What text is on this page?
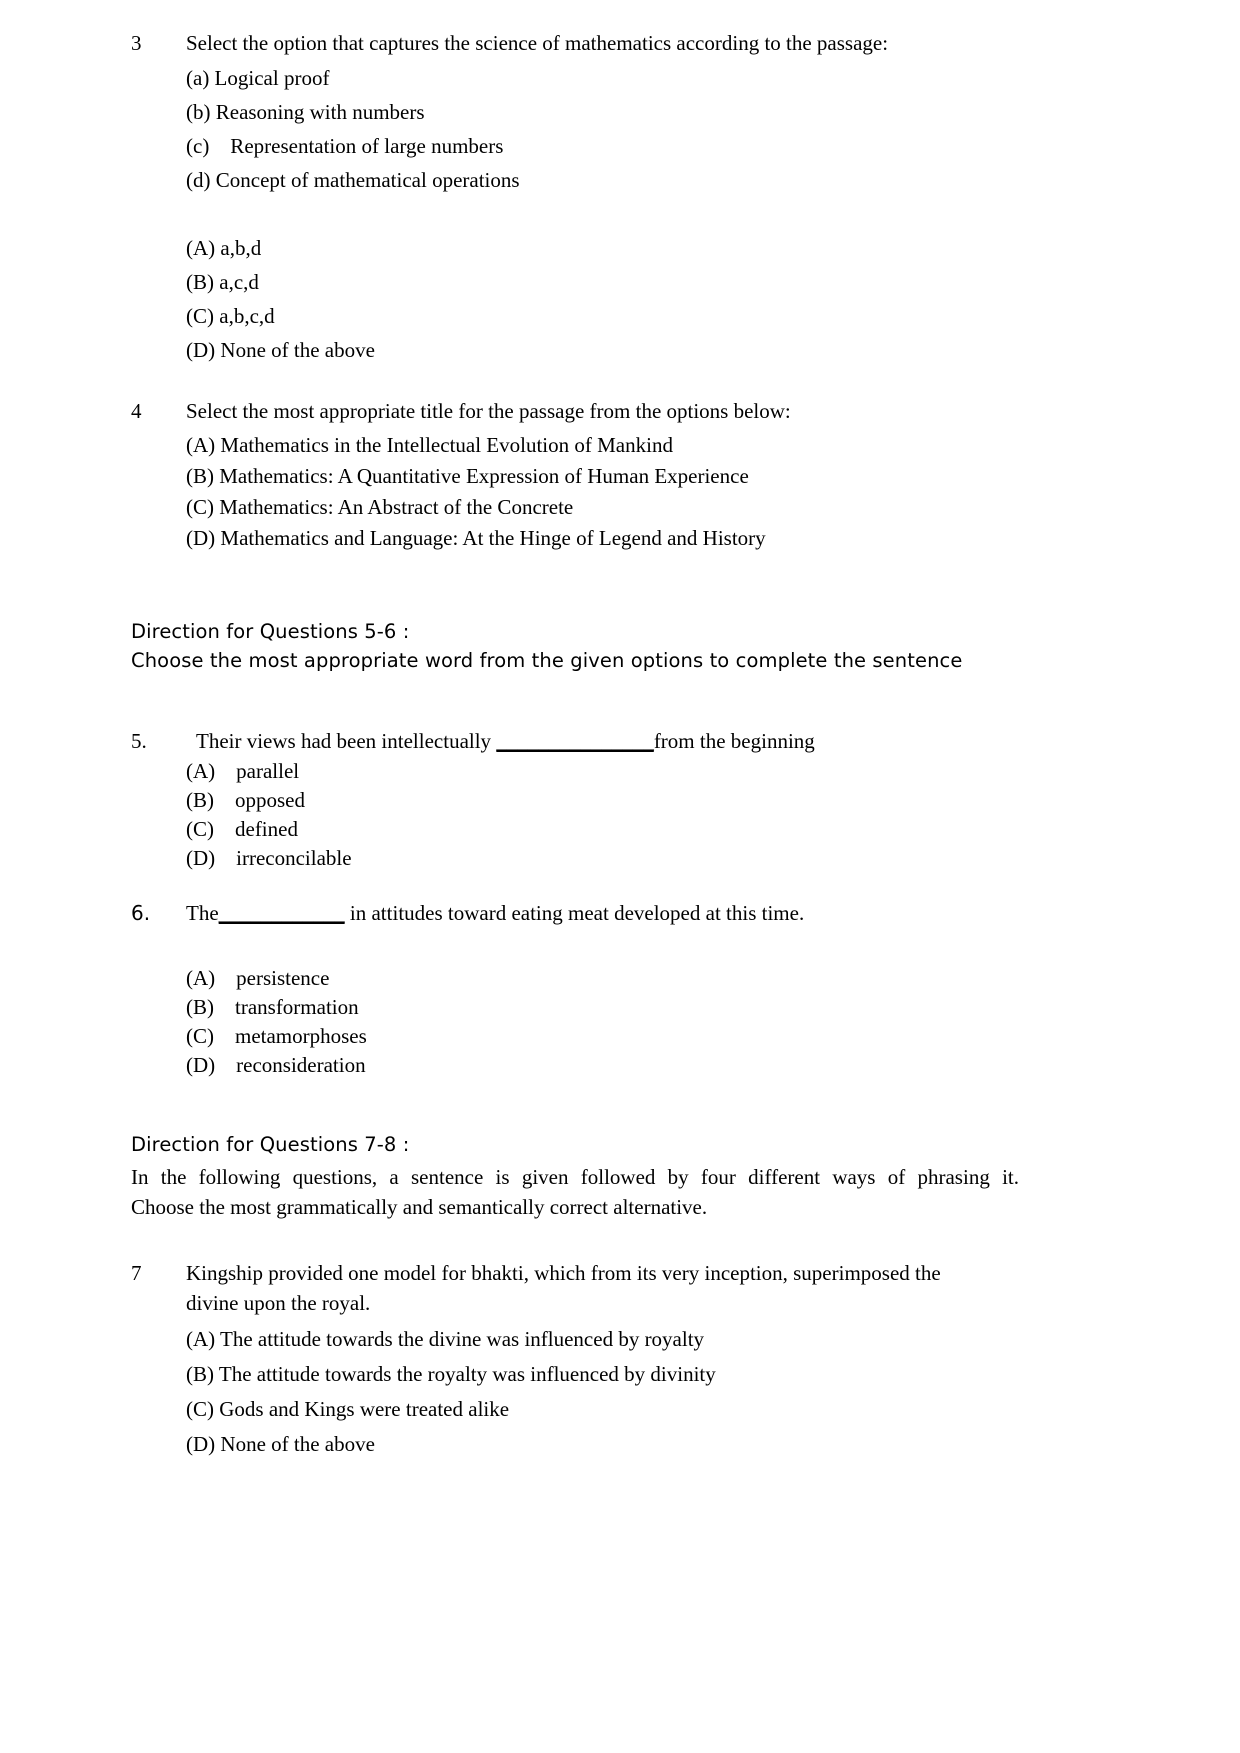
3	Select the option that captures the science of mathematics according to the passage:
(a) Logical proof
(b) Reasoning with numbers
(c)    Representation of large numbers
(d) Concept of mathematical operations
(A) a,b,d
(B) a,c,d
(C) a,b,c,d
(D) None of the above
4	Select the most appropriate title for the passage from the options below:
(A) Mathematics in the Intellectual Evolution of Mankind
(B) Mathematics: A Quantitative Expression of Human Experience
(C) Mathematics: An Abstract of the Concrete
(D) Mathematics and Language: At the Hinge of Legend and History
Direction for Questions 5-6 :
Choose the most appropriate word from the given options to complete the sentence
5.	Their views had been intellectually _______________from the beginning
(A)    parallel
(B)    opposed
(C)    defined
(D)    irreconcilable
6.	The____________ in attitudes toward eating meat developed at this time.
(A)    persistence
(B)    transformation
(C)    metamorphoses
(D)    reconsideration
Direction for Questions 7-8 :
In the following questions, a sentence is given followed by four different ways of phrasing it.
Choose the most grammatically and semantically correct alternative.
7	Kingship provided one model for bhakti, which from its very inception, superimposed the
divine upon the royal.
(A) The attitude towards the divine was influenced by royalty
(B) The attitude towards the royalty was influenced by divinity
(C) Gods and Kings were treated alike
(D) None of the above
